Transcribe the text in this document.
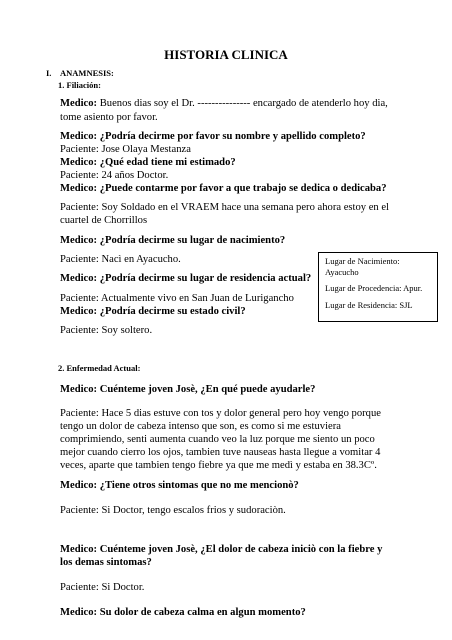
HISTORIA CLINICA
I. ANAMNESIS:
1. Filiación:
Medico: Buenos dias soy el Dr. --------------- encargado de atenderlo hoy dia,
tome asiento por favor.
Medico: ¿Podría decirme por favor su nombre y apellido completo?
Paciente: Jose Olaya Mestanza
Medico: ¿Qué edad tiene mi estimado?
Paciente: 24 años Doctor.
Medico: ¿Puede contarme por favor a que trabajo se dedica o dedicaba?
Paciente: Soy Soldado en el VRAEM hace una semana pero ahora estoy en el
cuartel de Chorrillos
Medico: ¿Podría decirme su lugar de nacimiento?
Paciente: Nacì en Ayacucho.
Medico: ¿Podría decirme su lugar de residencia actual?
Paciente: Actualmente vivo en San Juan de Lurigancho
Medico: ¿Podría decirme su estado civil?
Paciente: Soy soltero.
Lugar de Nacimiento:
Ayacucho
Lugar de Procedencia: Apur.
Lugar de Residencia: SJL
2. Enfermedad Actual:
Medico: Cuénteme joven Josè, ¿En qué puede ayudarle?
Paciente: Hace 5 dias estuve con tos y dolor general pero hoy vengo porque
tengo un dolor de cabeza intenso que son, es como si me estuviera
comprimiendo, senti aumenta cuando veo la luz porque me siento un poco
mejor cuando cierro los ojos, tambien tuve nauseas hasta llegue a vomitar 4
veces, aparte que tambien tengo fiebre ya que me medì y estaba en 38.3Cº.
Medico: ¿Tiene otros sintomas que no me mencionò?
Paciente: Si Doctor, tengo escalos frios y sudoraciòn.
Medico: Cuénteme joven Josè, ¿El dolor de cabeza iniciò con la fiebre y
los demas sintomas?
Paciente: Si Doctor.
Medico: Su dolor de cabeza calma en algun momento?
